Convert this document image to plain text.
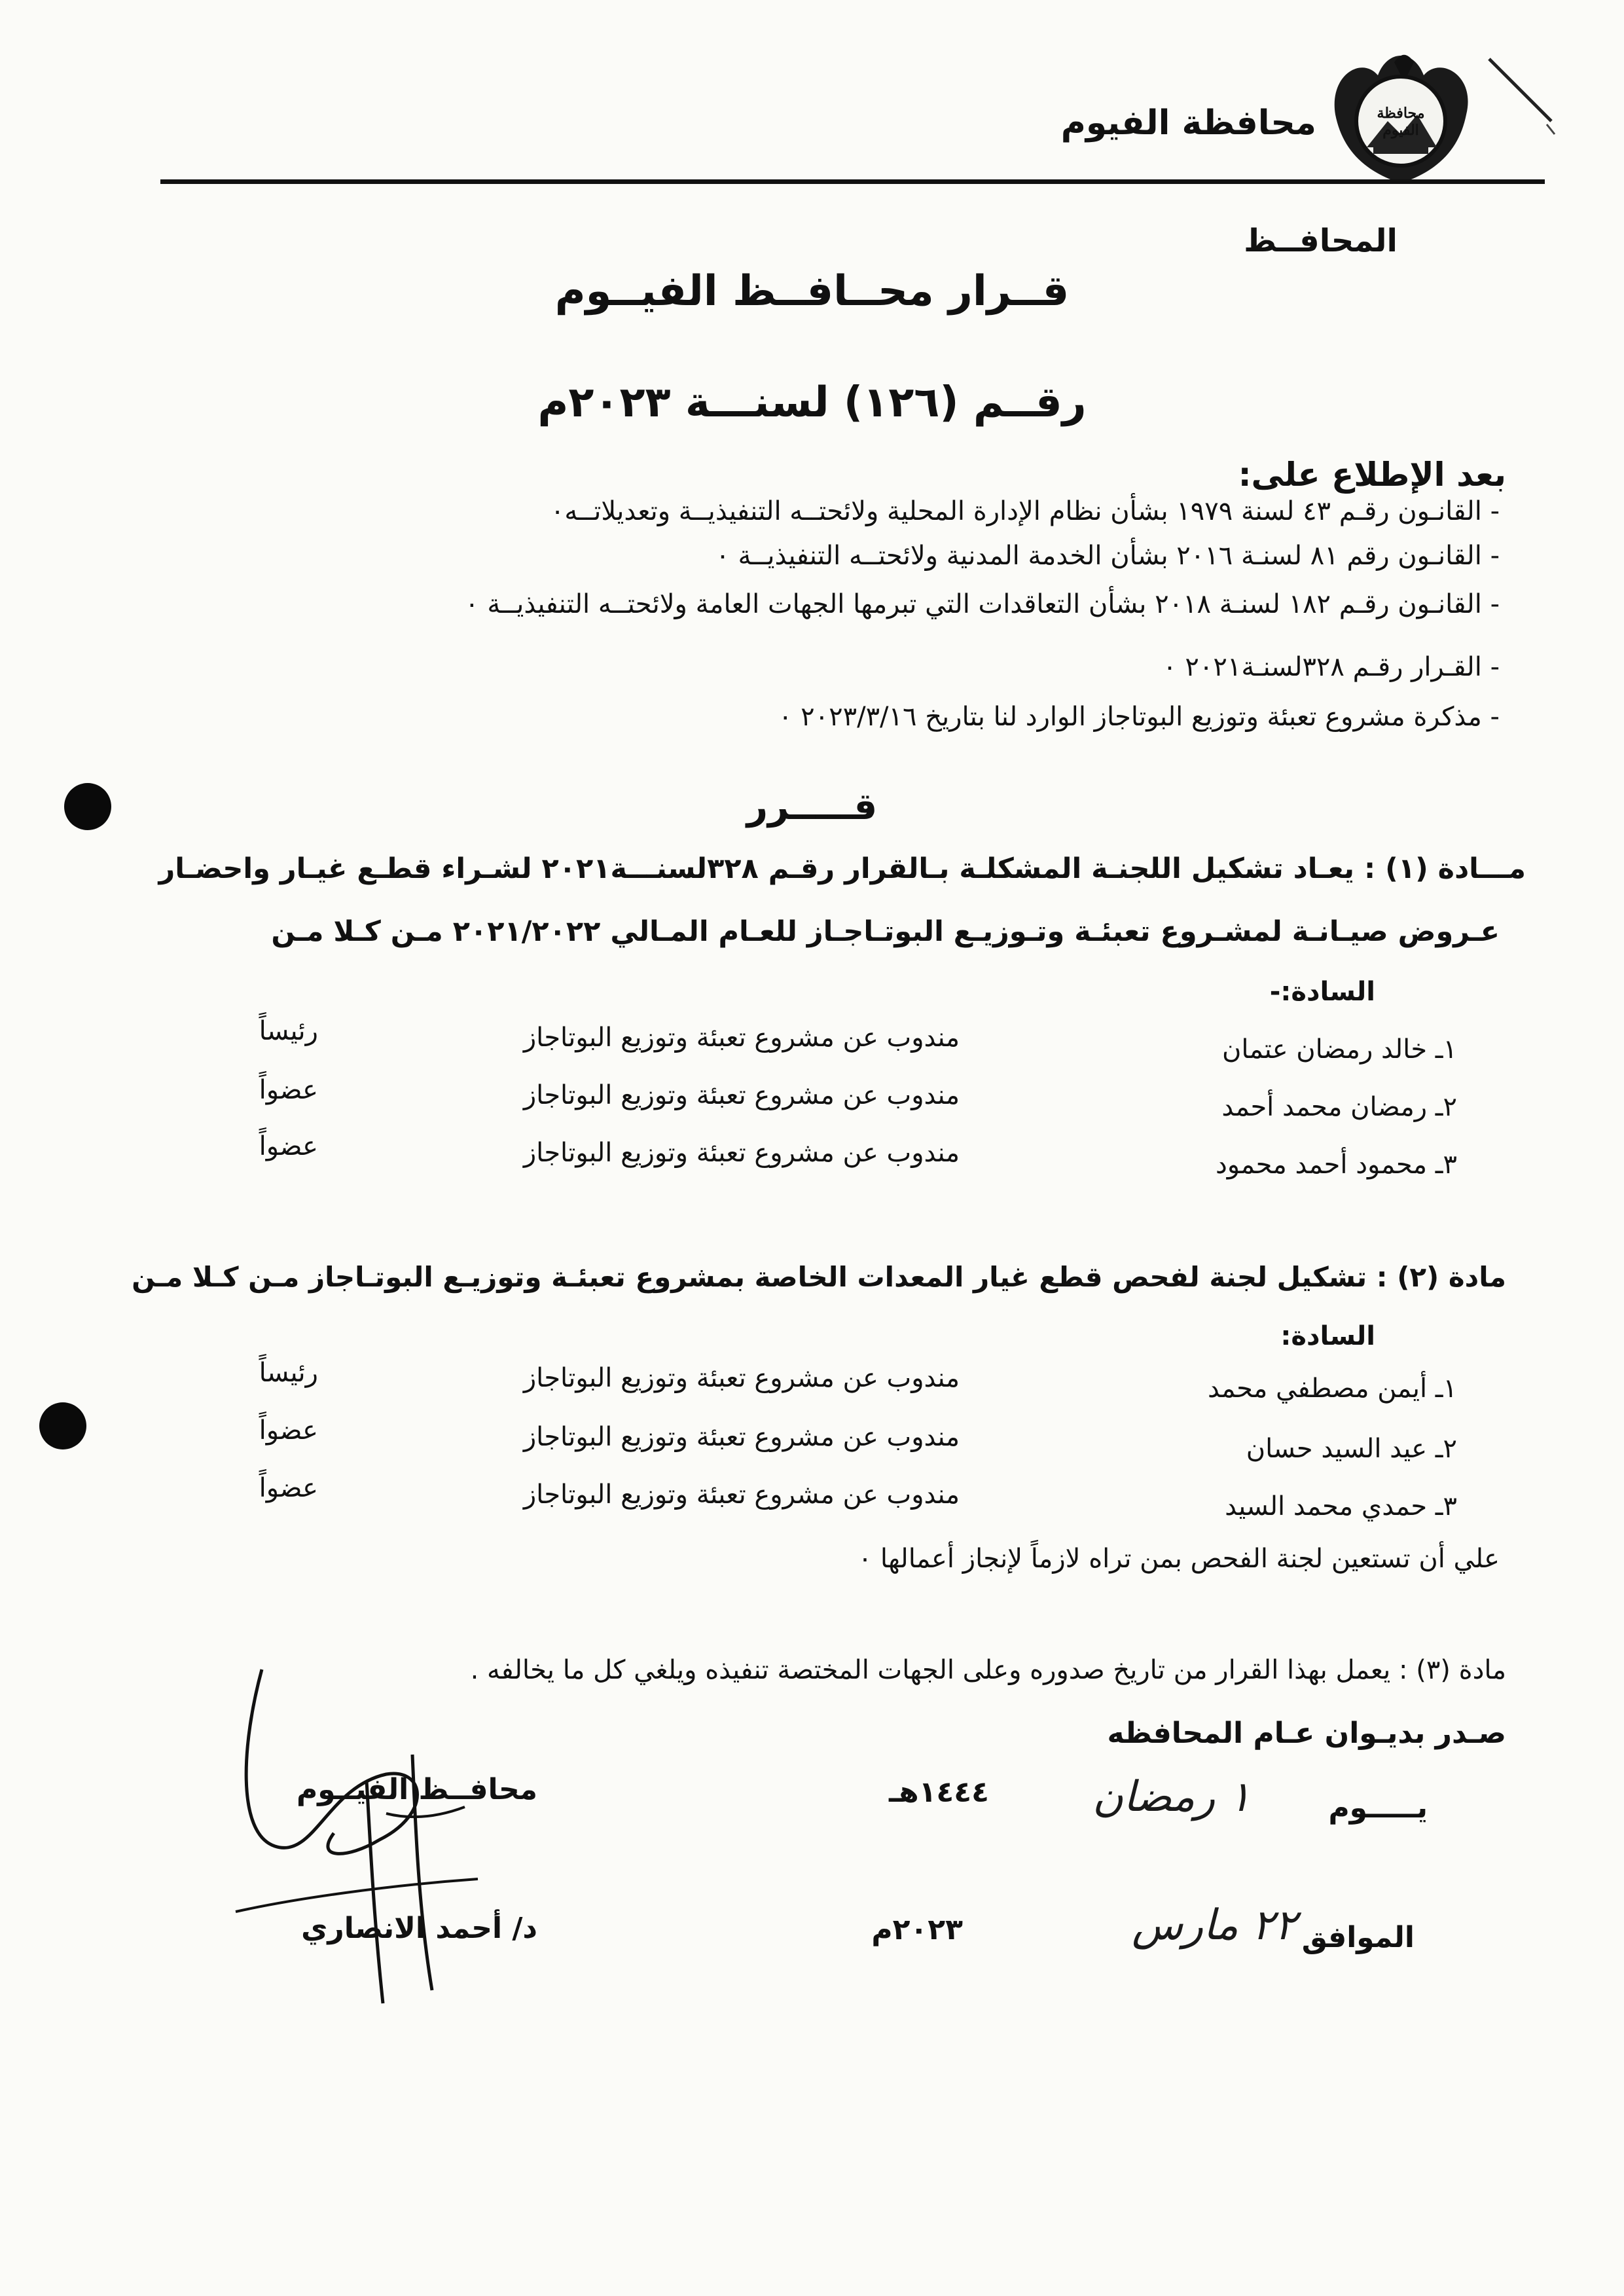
محافظة الفيوم
محافظة الفيوم
المحافــظ
قــرار محــافــظ الفيــوم
رقــم (١٢٦) لسنـــة ٢٠٢٣م
بعد الإطلاع على:
- القانـون رقـم ٤٣ لسنة ١٩٧٩ بشأن نظام الإدارة المحلية ولائحتــه التنفيذيــة وتعديلاتــه٠
- القانـون رقم ٨١ لسنـة ٢٠١٦ بشأن الخدمة المدنية ولائحتــه التنفيذيــة ٠
- القانـون رقـم ١٨٢ لسنـة ٢٠١٨ بشأن التعاقدات التي تبرمها الجهات العامة ولائحتــه التنفيذيــة ٠
- القـرار رقـم ٣٢٨لسنـة٢٠٢١ ٠
- مذكرة مشروع تعبئة وتوزيع البوتاجاز الوارد لنا بتاريخ ٢٠٢٣/٣/١٦ ٠
قـــــرر
مـــادة (١) : يعـاد تشكيل اللجنـة المشكلـة بـالقرار رقـم ٣٢٨لسنـــة٢٠٢١ لشـراء قطـع غيـار واحضـار
عـروض صيـانـة لمشـروع تعبئـة وتـوزيـع البوتـاجـاز للعـام المـالي ٢٠٢١/٢٠٢٢ مـن كـلا مـن
السادة:-
١ـ خالد رمضان عتمان
مندوب عن مشروع تعبئة وتوزيع البوتاجاز
رئيساً
٢ـ رمضان محمد أحمد
مندوب عن مشروع تعبئة وتوزيع البوتاجاز
عضواً
٣ـ محمود أحمد محمود
مندوب عن مشروع تعبئة وتوزيع البوتاجاز
عضواً
مادة (٢) : تشكيل لجنة لفحص قطع غيار المعدات الخاصة بمشروع تعبئـة وتوزيـع البوتـاجاز مـن كـلا مـن
السادة:
١ـ أيمن مصطفي محمد
مندوب عن مشروع تعبئة وتوزيع البوتاجاز
رئيساً
٢ـ عيد السيد حسان
مندوب عن مشروع تعبئة وتوزيع البوتاجاز
عضواً
٣ـ حمدي محمد السيد
مندوب عن مشروع تعبئة وتوزيع البوتاجاز
عضواً
علي أن تستعين لجنة الفحص بمن تراه لازماً لإنجاز أعمالها ٠
مادة (٣) : يعمل بهذا القرار من تاريخ صدوره وعلى الجهات المختصة تنفيذه ويلغي كل ما يخالفه .
صـدر بديـوان عـام المحافظه
محافــظ الفيــوم
د/ أحمد الانصاري
يـــــوم
١ رمضان
١٤٤٤هـ
الموافق
٢٢ مارس
٢٠٢٣م
